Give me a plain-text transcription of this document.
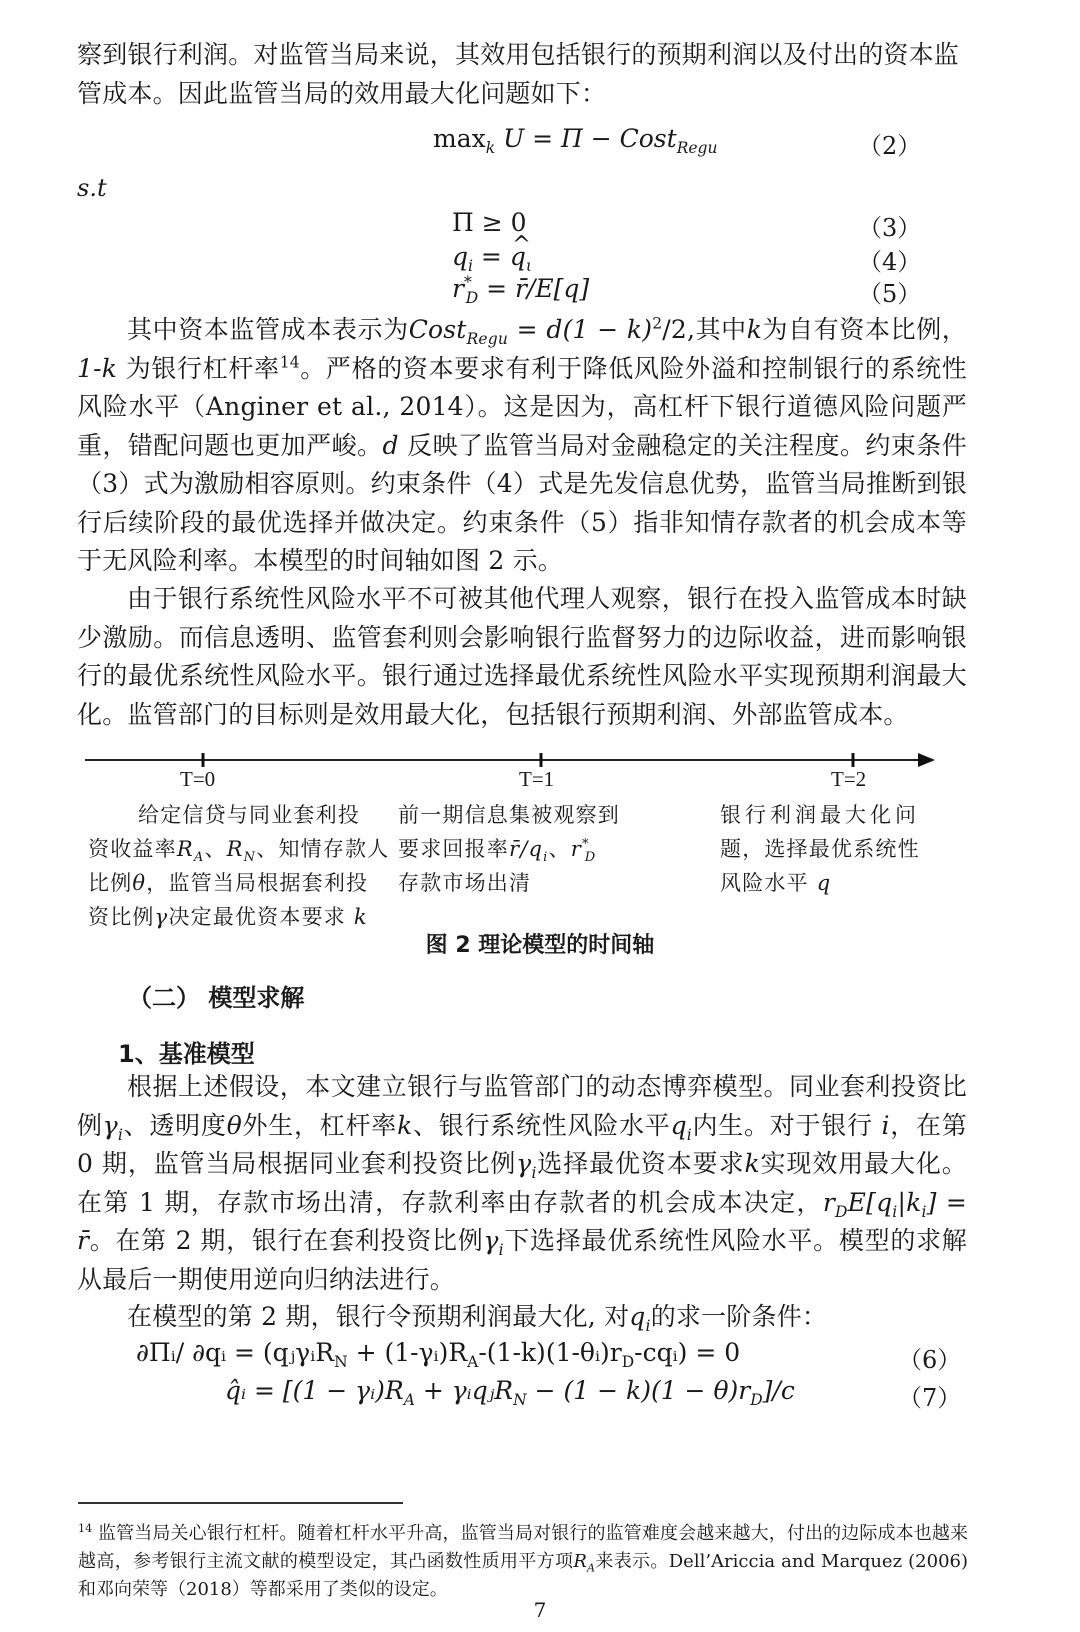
察到银行利润。对监管当局来说，其效用包括银行的预期利润以及付出的资本监
管成本。因此监管当局的效用最大化问题如下：
$\max_k U = \Pi$ − Cost$_{Regu}$	（2）
s.t
Π ≥ 0	（3）
$q_i$ = ^ $q_\iota$	（4）
$r^*_D$ = r̄/E[q]	（5）
其中资本监管成本表示为Cost$_{Regu}$ = $d(1 - k)^2/2$,其中k为自有资本比例，1-k 为银行杠杆率$^{14}$。严格的资本要求有利于降低风险外溢和控制银行的系统性风险水平（Anginer et al., 2014）。这是因为，高杠杆下银行道德风险问题严重，错配问题也更加严峻。d 反映了监管当局对金融稳定的关注程度。约束条件（3）式为激励相容原则。约束条件（4）式是先发信息优势，监管当局推断到银行后续阶段的最优选择并做决定。约束条件（5）指非知情存款者的机会成本等于无风险利率。本模型的时间轴如图 2 示。
由于银行系统性风险水平不可被其他代理人观察，银行在投入监管成本时缺少激励。而信息透明、监管套利则会影响银行监督努力的边际收益，进而影响银行的最优系统性风险水平。银行通过选择最优系统性风险水平实现预期利润最大化。监管部门的目标则是效用最大化，包括银行预期利润、外部监管成本。
T=0	T=1	T=2
给定信贷与同业套利投
资收益率$R_A$、$R_N$、知情存款人
比例θ，监管当局根据套利投
资比例γ决定最优资本要求 k
前一期信息集被观察到
要求回报率$r̄/q_i$、$r^*_D$
存款市场出清
银行利润最大化问
题，选择最优系统性
风险水平 q
图 2 理论模型的时间轴
（二） 模型求解
1、基准模型
根据上述假设，本文建立银行与监管部门的动态博弈模型。同业套利投资比例$\gamma_i$、透明度θ外生，杠杆率k、银行系统性风险水平$q_i$内生。对于银行 i，在第 0 期，监管当局根据同业套利投资比例$\gamma_i$选择最优资本要求k实现效用最大化。在第 1 期，存款市场出清，存款利率由存款者的机会成本决定，$r_DE[q_i|k_i]$ = r̄。在第 2 期，银行在套利投资比例$\gamma_i$下选择最优系统性风险水平。模型的求解从最后一期使用逆向归纳法进行。
在模型的第 2 期，银行令预期利润最大化, 对$q_i$的求一阶条件：
∂Πᵢ/ ∂qᵢ = (qⱼγᵢR$_N$ + $(1-\gamma ᵢ)R_A-(1-k)(1-\theta ᵢ)r_D-cqᵢ) = 0$	（6）
q̂ᵢ = [$(1 - \gamma ᵢ)R_A$ + γᵢqⱼR$_N$ − $(1 - k)(1 - \theta)r_D]/c$	（7）
$^{14}$ 监管当局关心银行杠杆。随着杠杆水平升高，监管当局对银行的监管难度会越来越大，付出的边际成本也越来越高，参考银行主流文献的模型设定，其凸函数性质用平方项$R_A$来表示。Dell’Ariccia and Marquez (2006)和邓向荣等（2018）等都采用了类似的设定。
7
